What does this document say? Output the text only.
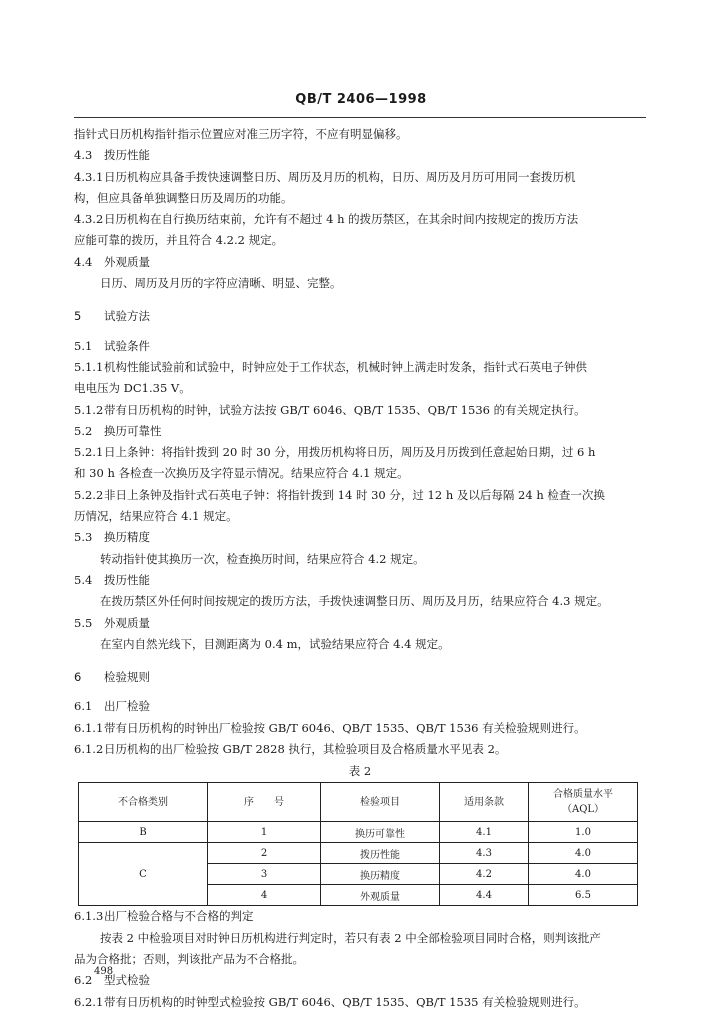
QB/T 2406—1998
指针式日历机构指针指示位置应对准三历字符，不应有明显偏移。
4.3 拨历性能
4.3.1日历机构应具备手拨快速调整日历、周历及月历的机构，日历、周历及月历可用同一套拨历机
构，但应具备单独调整日历及周历的功能。
4.3.2日历机构在自行换历结束前，允许有不超过 4 h 的拨历禁区，在其余时间内按规定的拨历方法
应能可靠的拨历，并且符合 4.2.2 规定。
4.4 外观质量
日历、周历及月历的字符应清晰、明显、完整。
5 试验方法
5.1 试验条件
5.1.1机构性能试验前和试验中，时钟应处于工作状态，机械时钟上满走时发条，指针式石英电子钟供
电电压为 DC1.35 V。
5.1.2带有日历机构的时钟，试验方法按 GB/T 6046、QB/T 1535、QB/T 1536 的有关规定执行。
5.2 换历可靠性
5.2.1日上条钟：将指针拨到 20 时 30 分，用拨历机构将日历，周历及月历拨到任意起始日期，过 6 h
和 30 h 各检查一次换历及字符显示情况。结果应符合 4.1 规定。
5.2.2非日上条钟及指针式石英电子钟：将指针拨到 14 时 30 分，过 12 h 及以后每隔 24 h 检查一次换
历情况，结果应符合 4.1 规定。
5.3 换历精度
转动指针使其换历一次，检查换历时间，结果应符合 4.2 规定。
5.4 拨历性能
在拨历禁区外任何时间按规定的拨历方法，手拨快速调整日历、周历及月历，结果应符合 4.3 规定。
5.5 外观质量
在室内自然光线下，目测距离为 0.4 m，试验结果应符合 4.4 规定。
6 检验规则
6.1 出厂检验
6.1.1带有日历机构的时钟出厂检验按 GB/T 6046、QB/T 1535、QB/T 1536 有关检验规则进行。
6.1.2日历机构的出厂检验按 GB/T 2828 执行，其检验项目及合格质量水平见表 2。
表 2
不合格类别	序　　号	检验项目	适用条款	合格质量水平
（AQL）

B	1	换历可靠性	4.1	1.0
C	2	拨历性能	4.3	4.0
	3	换历精度	4.2	4.0
	4	外观质量	4.4	6.5
6.1.3出厂检验合格与不合格的判定
按表 2 中检验项目对时钟日历机构进行判定时，若只有表 2 中全部检验项目同时合格，则判该批产
品为合格批；否则，判该批产品为不合格批。
6.2 型式检验
6.2.1带有日历机构的时钟型式检验按 GB/T 6046、QB/T 1535、QB/T 1535 有关检验规则进行。
498
